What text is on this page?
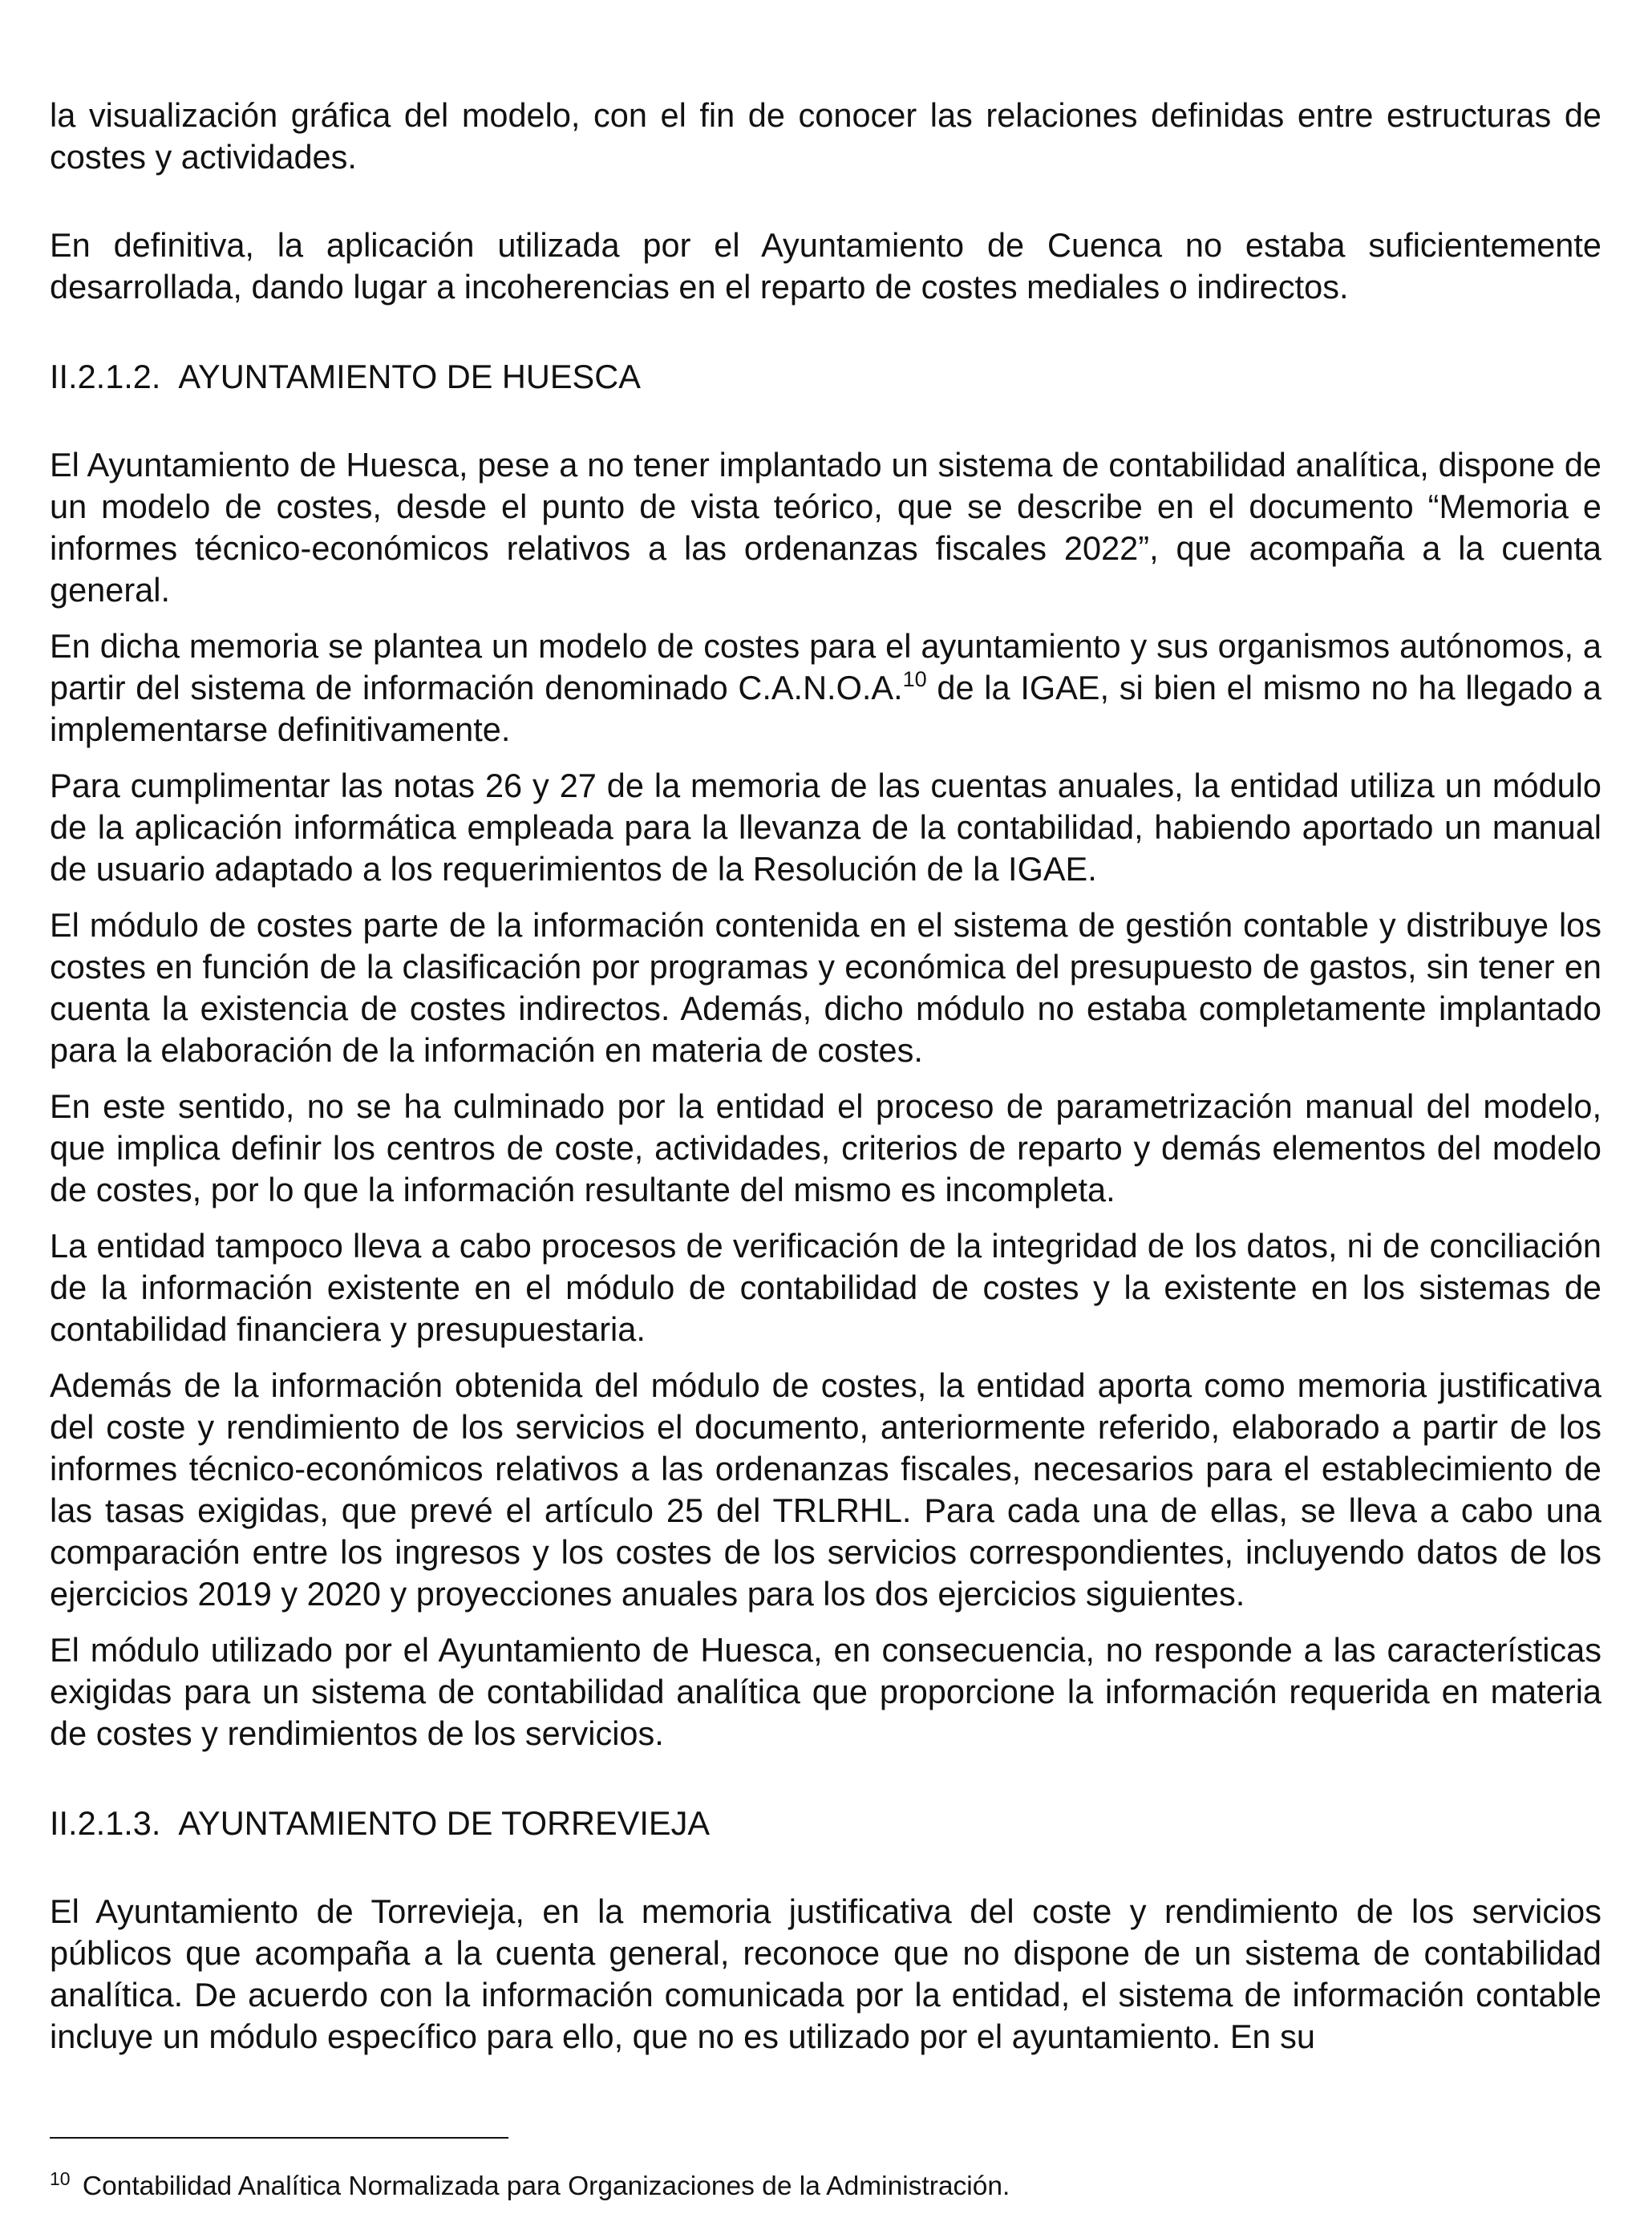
la visualización gráfica del modelo, con el fin de conocer las relaciones definidas entre estructuras de costes y actividades.

En definitiva, la aplicación utilizada por el Ayuntamiento de Cuenca no estaba suficientemente desarrollada, dando lugar a incoherencias en el reparto de costes mediales o indirectos.

II.2.1.2. AYUNTAMIENTO DE HUESCA

El Ayuntamiento de Huesca, pese a no tener implantado un sistema de contabilidad analítica, dispone de un modelo de costes, desde el punto de vista teórico, que se describe en el documento “Memoria e informes técnico-económicos relativos a las ordenanzas fiscales 2022”, que acompaña a la cuenta general.

En dicha memoria se plantea un modelo de costes para el ayuntamiento y sus organismos autónomos, a partir del sistema de información denominado C.A.N.O.A.$^{10}$ de la IGAE, si bien el mismo no ha llegado a implementarse definitivamente.

Para cumplimentar las notas 26 y 27 de la memoria de las cuentas anuales, la entidad utiliza un módulo de la aplicación informática empleada para la llevanza de la contabilidad, habiendo aportado un manual de usuario adaptado a los requerimientos de la Resolución de la IGAE.

El módulo de costes parte de la información contenida en el sistema de gestión contable y distribuye los costes en función de la clasificación por programas y económica del presupuesto de gastos, sin tener en cuenta la existencia de costes indirectos. Además, dicho módulo no estaba completamente implantado para la elaboración de la información en materia de costes.

En este sentido, no se ha culminado por la entidad el proceso de parametrización manual del modelo, que implica definir los centros de coste, actividades, criterios de reparto y demás elementos del modelo de costes, por lo que la información resultante del mismo es incompleta.

La entidad tampoco lleva a cabo procesos de verificación de la integridad de los datos, ni de conciliación de la información existente en el módulo de contabilidad de costes y la existente en los sistemas de contabilidad financiera y presupuestaria.

Además de la información obtenida del módulo de costes, la entidad aporta como memoria justificativa del coste y rendimiento de los servicios el documento, anteriormente referido, elaborado a partir de los informes técnico-económicos relativos a las ordenanzas fiscales, necesarios para el establecimiento de las tasas exigidas, que prevé el artículo 25 del TRLRHL. Para cada una de ellas, se lleva a cabo una comparación entre los ingresos y los costes de los servicios correspondientes, incluyendo datos de los ejercicios 2019 y 2020 y proyecciones anuales para los dos ejercicios siguientes.

El módulo utilizado por el Ayuntamiento de Huesca, en consecuencia, no responde a las características exigidas para un sistema de contabilidad analítica que proporcione la información requerida en materia de costes y rendimientos de los servicios.

II.2.1.3. AYUNTAMIENTO DE TORREVIEJA

El Ayuntamiento de Torrevieja, en la memoria justificativa del coste y rendimiento de los servicios públicos que acompaña a la cuenta general, reconoce que no dispone de un sistema de contabilidad analítica. De acuerdo con la información comunicada por la entidad, el sistema de información contable incluye un módulo específico para ello, que no es utilizado por el ayuntamiento. En su

$^{10}$ Contabilidad Analítica Normalizada para Organizaciones de la Administración.
